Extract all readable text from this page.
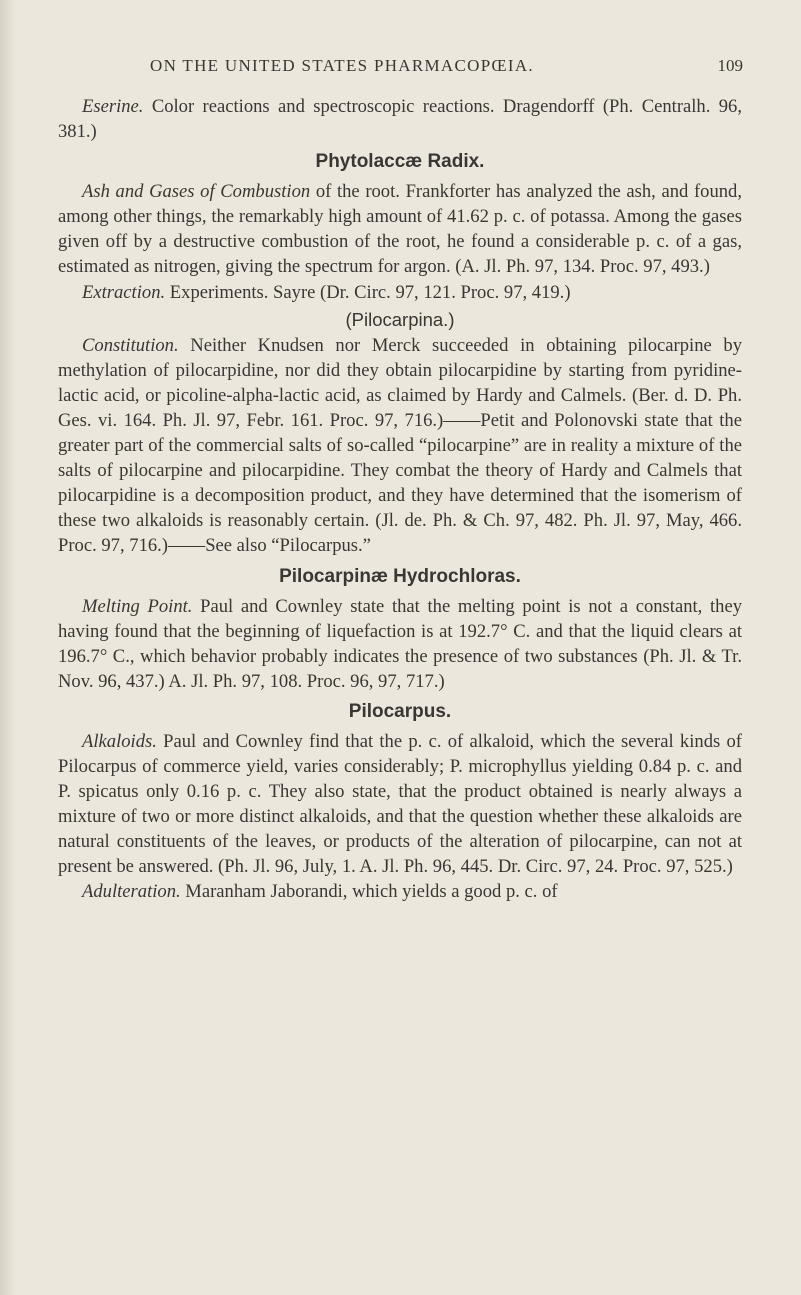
ON THE UNITED STATES PHARMACOPŒIA.	109

Eserine. Color reactions and spectroscopic reactions. Dragendorff (Ph. Centralh. 96, 381.)

Phytolaccæ Radix.

Ash and Gases of Combustion of the root. Frankforter has analyzed the ash, and found, among other things, the remarkably high amount of 41.62 p. c. of potassa. Among the gases given off by a destructive combustion of the root, he found a considerable p. c. of a gas, estimated as nitrogen, giving the spectrum for argon. (A. Jl. Ph. 97, 134. Proc. 97, 493.)

Extraction. Experiments. Sayre (Dr. Circ. 97, 121. Proc. 97, 419.)

(Pilocarpina.)

Constitution. Neither Knudsen nor Merck succeeded in obtaining pilocarpine by methylation of pilocarpidine, nor did they obtain pilocarpidine by starting from pyridine-lactic acid, or picoline-alpha-lactic acid, as claimed by Hardy and Calmels. (Ber. d. D. Ph. Ges. vi. 164. Ph. Jl. 97, Febr. 161. Proc. 97, 716.)——Petit and Polonovski state that the greater part of the commercial salts of so-called “pilocarpine” are in reality a mixture of the salts of pilocarpine and pilocarpidine. They combat the theory of Hardy and Calmels that pilocarpidine is a decomposition product, and they have determined that the isomerism of these two alkaloids is reasonably certain. (Jl. de. Ph. & Ch. 97, 482. Ph. Jl. 97, May, 466. Proc. 97, 716.)——See also “Pilocarpus.”

Pilocarpinæ Hydrochloras.

Melting Point. Paul and Cownley state that the melting point is not a constant, they having found that the beginning of liquefaction is at 192.7° C. and that the liquid clears at 196.7° C., which behavior probably indicates the presence of two substances (Ph. Jl. & Tr. Nov. 96, 437.) A. Jl. Ph. 97, 108. Proc. 96, 97, 717.)

Pilocarpus.

Alkaloids. Paul and Cownley find that the p. c. of alkaloid, which the several kinds of Pilocarpus of commerce yield, varies considerably; P. microphyllus yielding 0.84 p. c. and P. spicatus only 0.16 p. c. They also state, that the product obtained is nearly always a mixture of two or more distinct alkaloids, and that the question whether these alkaloids are natural constituents of the leaves, or products of the alteration of pilocarpine, can not at present be answered. (Ph. Jl. 96, July, 1. A. Jl. Ph. 96, 445. Dr. Circ. 97, 24. Proc. 97, 525.)

Adulteration. Maranham Jaborandi, which yields a good p. c. of
